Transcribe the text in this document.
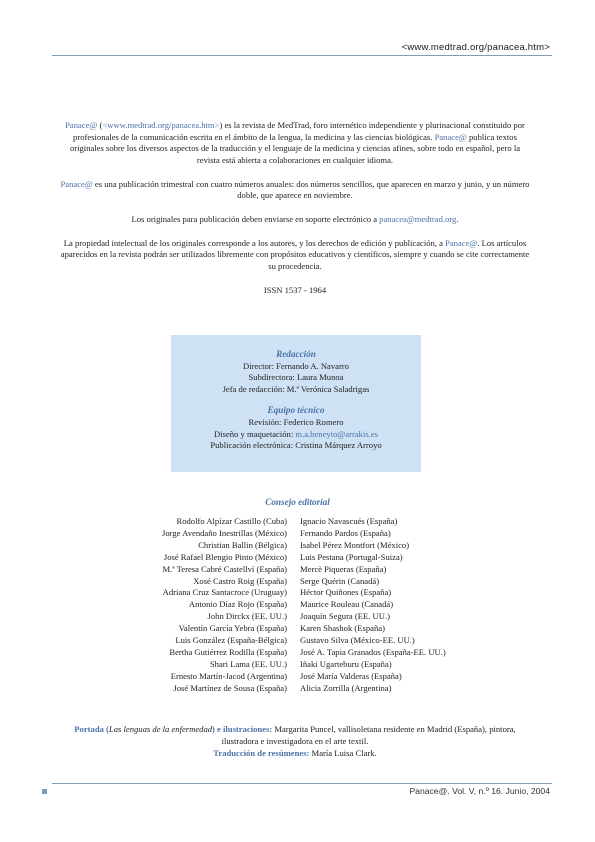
<www.medtrad.org/panacea.htm>

Panace@ (<www.medtrad.org/panacea.htm>) es la revista de MedTrad, foro internético independiente y plurinacional constituido por profesionales de la comunicación escrita en el ámbito de la lengua, la medicina y las ciencias biológicas. Panace@ publica textos originales sobre los diversos aspectos de la traducción y el lenguaje de la medicina y ciencias afines, sobre todo en español, pero la revista está abierta a colaboraciones en cualquier idioma.

Panace@ es una publicación trimestral con cuatro números anuales: dos números sencillos, que aparecen en marzo y junio, y un número doble, que aparece en noviembre.

Los originales para publicación deben enviarse en soporte electrónico a panacea@medtrad.org.

La propiedad intelectual de los originales corresponde a los autores, y los derechos de edición y publicación, a Panace@. Los artículos aparecidos en la revista podrán ser utilizados libremente con propósitos educativos y científicos, siempre y cuando se cite correctamente su procedencia.

ISSN 1537 - 1964

Redacción
Director: Fernando A. Navarro
Subdirectora: Laura Munoa
Jefa de redacción: M.ª Verónica Saladrigas
Equipo técnico
Revisión: Federico Romero
Diseño y maquetación: m.a.beneyto@arrakis.es
Publicación electrónica: Cristina Márquez Arroyo
Consejo editorial
Rodolfo Alpízar Castillo (Cuba)
Jorge Avendaño Inestrillas (México)
Christian Ballin (Bélgica)
José Rafael Blengio Pinto (México)
M.ª Teresa Cabré Castellví (España)
Xosé Castro Roig (España)
Adriana Cruz Santacroce (Uruguay)
Antonio Díaz Rojo (España)
John Dirckx (EE. UU.)
Valentín García Yebra (España)
Luis González (España-Bélgica)
Bertha Gutiérrez Rodilla (España)
Shari Lama (EE. UU.)
Ernesto Martín-Jacod (Argentina)
José Martínez de Sousa (España)
Ignacio Navascués (España)
Fernando Pardos (España)
Isabel Pérez Montfort (México)
Luis Pestana (Portugal-Suiza)
Mercè Piqueras (España)
Serge Quérin (Canadá)
Héctor Quiñones (España)
Maurice Rouleau (Canadá)
Joaquín Segura (EE. UU.)
Karen Shashok (España)
Gustavo Silva (México-EE. UU.)
José A. Tapia Granados (España-EE. UU.)
Iñaki Ugarteburu (España)
José María Valderas (España)
Alicia Zorrilla (Argentina)
Portada (Las lenguas de la enfermedad) e ilustraciones: Margarita Puncel, vallisoletana residente en Madrid (España), pintora, ilustradora e investigadora en el arte textil.
Traducción de resúmenes: María Luisa Clark.
Panace@. Vol. V, n.º 16. Junio, 2004
